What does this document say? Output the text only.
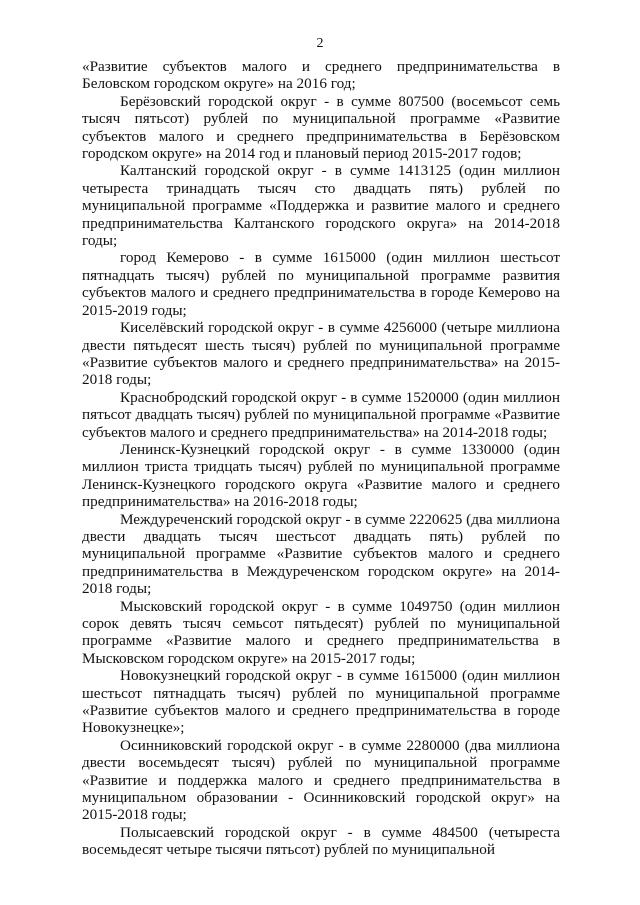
2

«Развитие субъектов малого и среднего предпринимательства в Беловском городском округе» на 2016 год;

Берёзовский городской округ - в сумме 807500 (восемьсот семь тысяч пятьсот) рублей по муниципальной программе «Развитие субъектов малого и среднего предпринимательства в Берёзовском городском округе» на 2014 год и плановый период 2015-2017 годов;

Калтанский городской округ - в сумме 1413125 (один миллион четыреста тринадцать тысяч сто двадцать пять) рублей по муниципальной программе «Поддержка и развитие малого и среднего предпринимательства Калтанского городского округа» на 2014-2018 годы;

город Кемерово - в сумме 1615000 (один миллион шестьсот пятнадцать тысяч) рублей по муниципальной программе развития субъектов малого и среднего предпринимательства в городе Кемерово на 2015-2019 годы;

Киселёвский городской округ - в сумме 4256000 (четыре миллиона двести пятьдесят шесть тысяч) рублей по муниципальной программе «Развитие субъектов малого и среднего предпринимательства» на 2015-2018 годы;

Краснобродский городской округ - в сумме 1520000 (один миллион пятьсот двадцать тысяч) рублей по муниципальной программе «Развитие субъектов малого и среднего предпринимательства» на 2014-2018 годы;

Ленинск-Кузнецкий городской округ - в сумме 1330000 (один миллион триста тридцать тысяч) рублей по муниципальной программе Ленинск-Кузнецкого городского округа «Развитие малого и среднего предпринимательства» на 2016-2018 годы;

Междуреченский городской округ - в сумме 2220625 (два миллиона двести двадцать тысяч шестьсот двадцать пять) рублей по муниципальной программе «Развитие субъектов малого и среднего предпринимательства в Междуреченском городском округе» на 2014-2018 годы;

Мысковский городской округ - в сумме 1049750 (один миллион сорок девять тысяч семьсот пятьдесят) рублей по муниципальной программе «Развитие малого и среднего предпринимательства в Мысковском городском округе» на 2015-2017 годы;

Новокузнецкий городской округ - в сумме 1615000 (один миллион шестьсот пятнадцать тысяч) рублей по муниципальной программе «Развитие субъектов малого и среднего предпринимательства в городе Новокузнецке»;

Осинниковский городской округ - в сумме 2280000 (два миллиона двести восемьдесят тысяч) рублей по муниципальной программе «Развитие и поддержка малого и среднего предпринимательства в муниципальном образовании - Осинниковский городской округ» на 2015-2018 годы;

Полысаевский городской округ - в сумме 484500 (четыреста восемьдесят четыре тысячи пятьсот) рублей по муниципальной
